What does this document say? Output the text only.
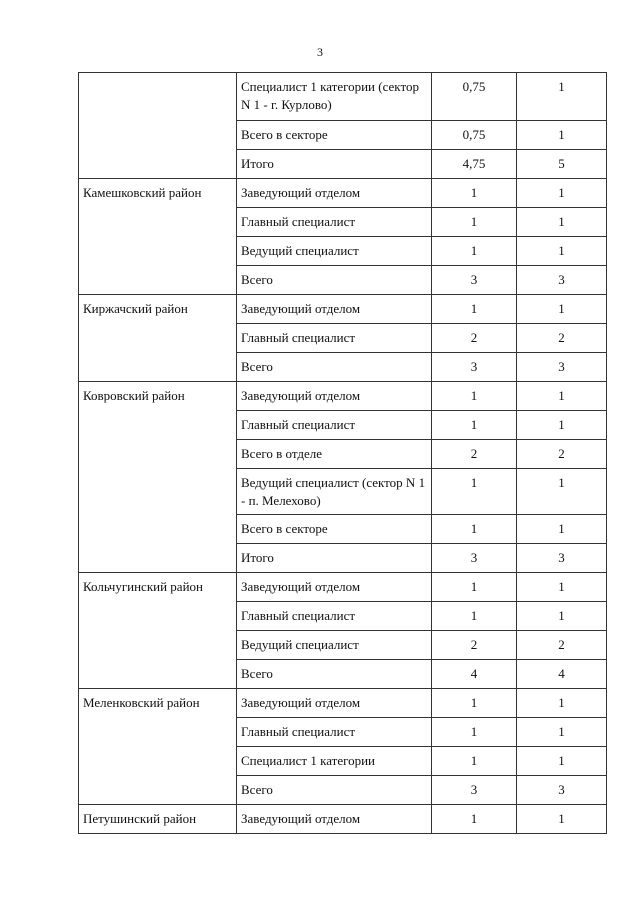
3
	Специалист 1 категории (сектор N 1 - г. Курлово)	0,75	1
	Всего в секторе	0,75	1
	Итого	4,75	5
Камешковский район	Заведующий отделом	1	1
	Главный специалист	1	1
	Ведущий специалист	1	1
	Всего	3	3
Киржачский район	Заведующий отделом	1	1
	Главный специалист	2	2
	Всего	3	3
Ковровский район	Заведующий отделом	1	1
	Главный специалист	1	1
	Всего в отделе	2	2
	Ведущий специалист (сектор N 1 - п. Мелехово)	1	1
	Всего в секторе	1	1
	Итого	3	3
Кольчугинский район	Заведующий отделом	1	1
	Главный специалист	1	1
	Ведущий специалист	2	2
	Всего	4	4
Меленковский район	Заведующий отделом	1	1
	Главный специалист	1	1
	Специалист 1 категории	1	1
	Всего	3	3
Петушинский район	Заведующий отделом	1	1
